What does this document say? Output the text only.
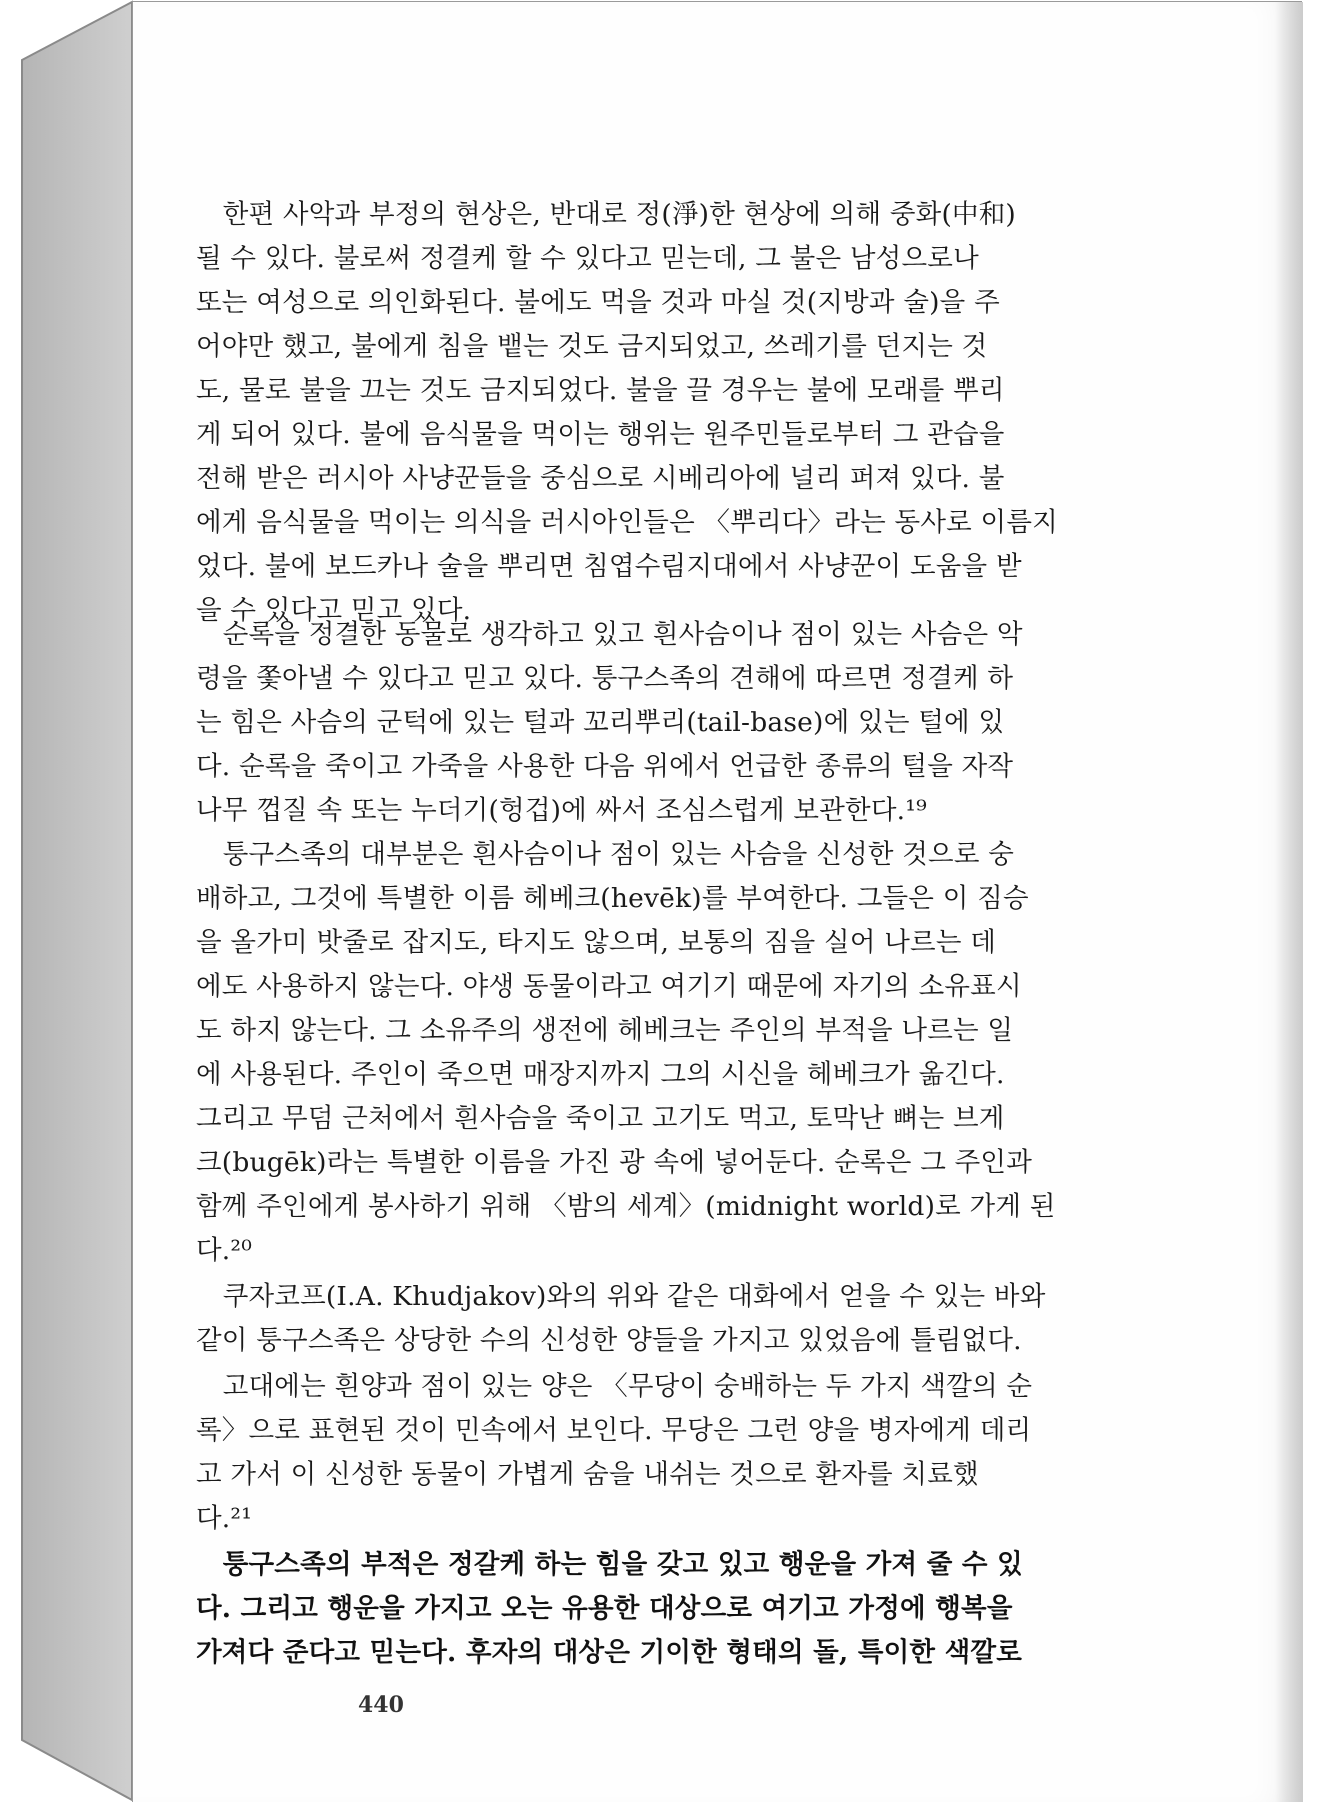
　한편 사악과 부정의 현상은, 반대로 정(淨)한 현상에 의해 중화(中和)
될 수 있다. 불로써 정결케 할 수 있다고 믿는데, 그 불은 남성으로나
또는 여성으로 의인화된다. 불에도 먹을 것과 마실 것(지방과 술)을 주
어야만 했고, 불에게 침을 뱉는 것도 금지되었고, 쓰레기를 던지는 것
도, 물로 불을 끄는 것도 금지되었다. 불을 끌 경우는 불에 모래를 뿌리
게 되어 있다. 불에 음식물을 먹이는 행위는 원주민들로부터 그 관습을
전해 받은 러시아 사냥꾼들을 중심으로 시베리아에 널리 퍼져 있다. 불
에게 음식물을 먹이는 의식을 러시아인들은 〈뿌리다〉라는 동사로 이름지
었다. 불에 보드카나 술을 뿌리면 침엽수림지대에서 사냥꾼이 도움을 받
을 수 있다고 믿고 있다.
　순록을 정결한 동물로 생각하고 있고 흰사슴이나 점이 있는 사슴은 악
령을 쫓아낼 수 있다고 믿고 있다. 퉁구스족의 견해에 따르면 정결케 하
는 힘은 사슴의 군턱에 있는 털과 꼬리뿌리(tail-base)에 있는 털에 있
다. 순록을 죽이고 가죽을 사용한 다음 위에서 언급한 종류의 털을 자작
나무 껍질 속 또는 누더기(헝겁)에 싸서 조심스럽게 보관한다.¹⁹
　퉁구스족의 대부분은 흰사슴이나 점이 있는 사슴을 신성한 것으로 숭
배하고, 그것에 특별한 이름 헤베크(hevēk)를 부여한다. 그들은 이 짐승
을 올가미 밧줄로 잡지도, 타지도 않으며, 보통의 짐을 실어 나르는 데
에도 사용하지 않는다. 야생 동물이라고 여기기 때문에 자기의 소유표시
도 하지 않는다. 그 소유주의 생전에 헤베크는 주인의 부적을 나르는 일
에 사용된다. 주인이 죽으면 매장지까지 그의 시신을 헤베크가 옮긴다.
그리고 무덤 근처에서 흰사슴을 죽이고 고기도 먹고, 토막난 뼈는 브게
크(bugēk)라는 특별한 이름을 가진 광 속에 넣어둔다. 순록은 그 주인과
함께 주인에게 봉사하기 위해 〈밤의 세계〉(midnight world)로 가게 된
다.²⁰
　쿠자코프(I.A. Khudjakov)와의 위와 같은 대화에서 얻을 수 있는 바와
같이 퉁구스족은 상당한 수의 신성한 양들을 가지고 있었음에 틀림없다.
　고대에는 흰양과 점이 있는 양은 〈무당이 숭배하는 두 가지 색깔의 순
록〉으로 표현된 것이 민속에서 보인다. 무당은 그런 양을 병자에게 데리
고 가서 이 신성한 동물이 가볍게 숨을 내쉬는 것으로 환자를 치료했
다.²¹
　퉁구스족의 부적은 정갈케 하는 힘을 갖고 있고 행운을 가져 줄 수 있
다. 그리고 행운을 가지고 오는 유용한 대상으로 여기고 가정에 행복을
가져다 준다고 믿는다. 후자의 대상은 기이한 형태의 돌, 특이한 색깔로
440
